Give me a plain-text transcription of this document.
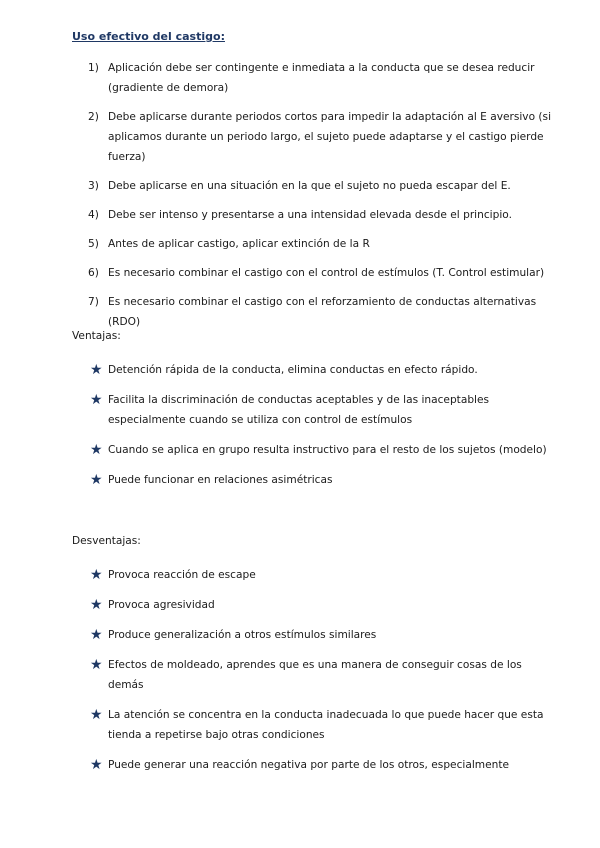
Uso efectivo del castigo:
1) Aplicación debe ser contingente e inmediata a la conducta que se desea reducir (gradiente de demora)
2) Debe aplicarse durante periodos cortos para impedir la adaptación al E aversivo (si aplicamos durante un periodo largo, el sujeto puede adaptarse y el castigo pierde fuerza)
3) Debe aplicarse en una situación en la que el sujeto no pueda escapar del E.
4) Debe ser intenso y presentarse a una intensidad elevada desde el principio.
5) Antes de aplicar castigo, aplicar extinción de la R
6) Es necesario combinar el castigo con el control de estímulos (T. Control estimular)
7) Es necesario combinar el castigo con el reforzamiento de conductas alternativas (RDO)
Ventajas:
★ Detención rápida de la conducta, elimina conductas en efecto rápido.
★ Facilita la discriminación de conductas aceptables y de las inaceptables especialmente cuando se utiliza con control de estímulos
★ Cuando se aplica en grupo resulta instructivo para el resto de los sujetos (modelo)
★ Puede funcionar en relaciones asimétricas
Desventajas:
★ Provoca reacción de escape
★ Provoca agresividad
★ Produce generalización a otros estímulos similares
★ Efectos de moldeado, aprendes que es una manera de conseguir cosas de los demás
★ La atención se concentra en la conducta inadecuada lo que puede hacer que esta tienda a repetirse bajo otras condiciones
★ Puede generar una reacción negativa por parte de los otros, especialmente
